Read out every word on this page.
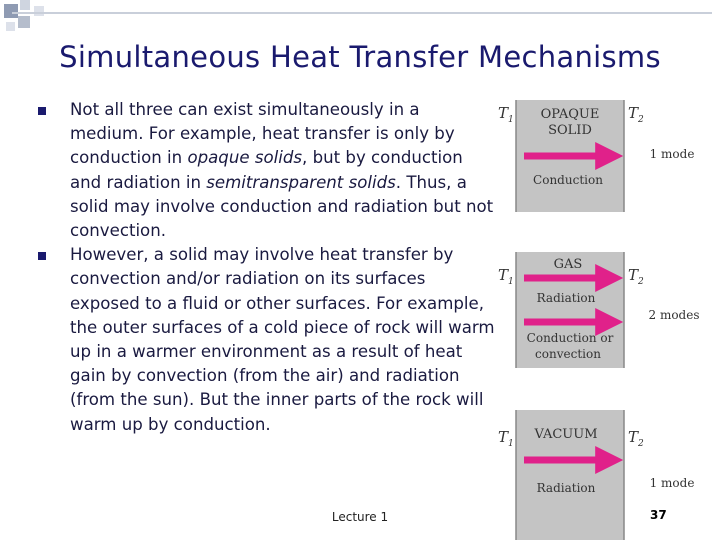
Simultaneous Heat Transfer Mechanisms
Not all three can exist simultaneously in a medium. For example, heat transfer is only by conduction in opaque solids, but by conduction and radiation in semitransparent solids. Thus, a solid may involve conduction and radiation but not convection.
However, a solid may involve heat transfer by convection and/or radiation on its surfaces exposed to a fluid or other surfaces. For example, the outer surfaces of a cold piece of rock will warm up in a warmer environment as a result of heat gain by convection (from the air) and radiation (from the sun). But the inner parts of the rock will warm up by conduction.
$T_1$	$T_2$
OPAQUE
SOLID
Conduction
1 mode
$T_1$	$T_2$
GAS
Radiation
Conduction or
convection
2 modes
$T_1$	$T_2$
VACUUM
Radiation	1 mode
Lecture 1	37
